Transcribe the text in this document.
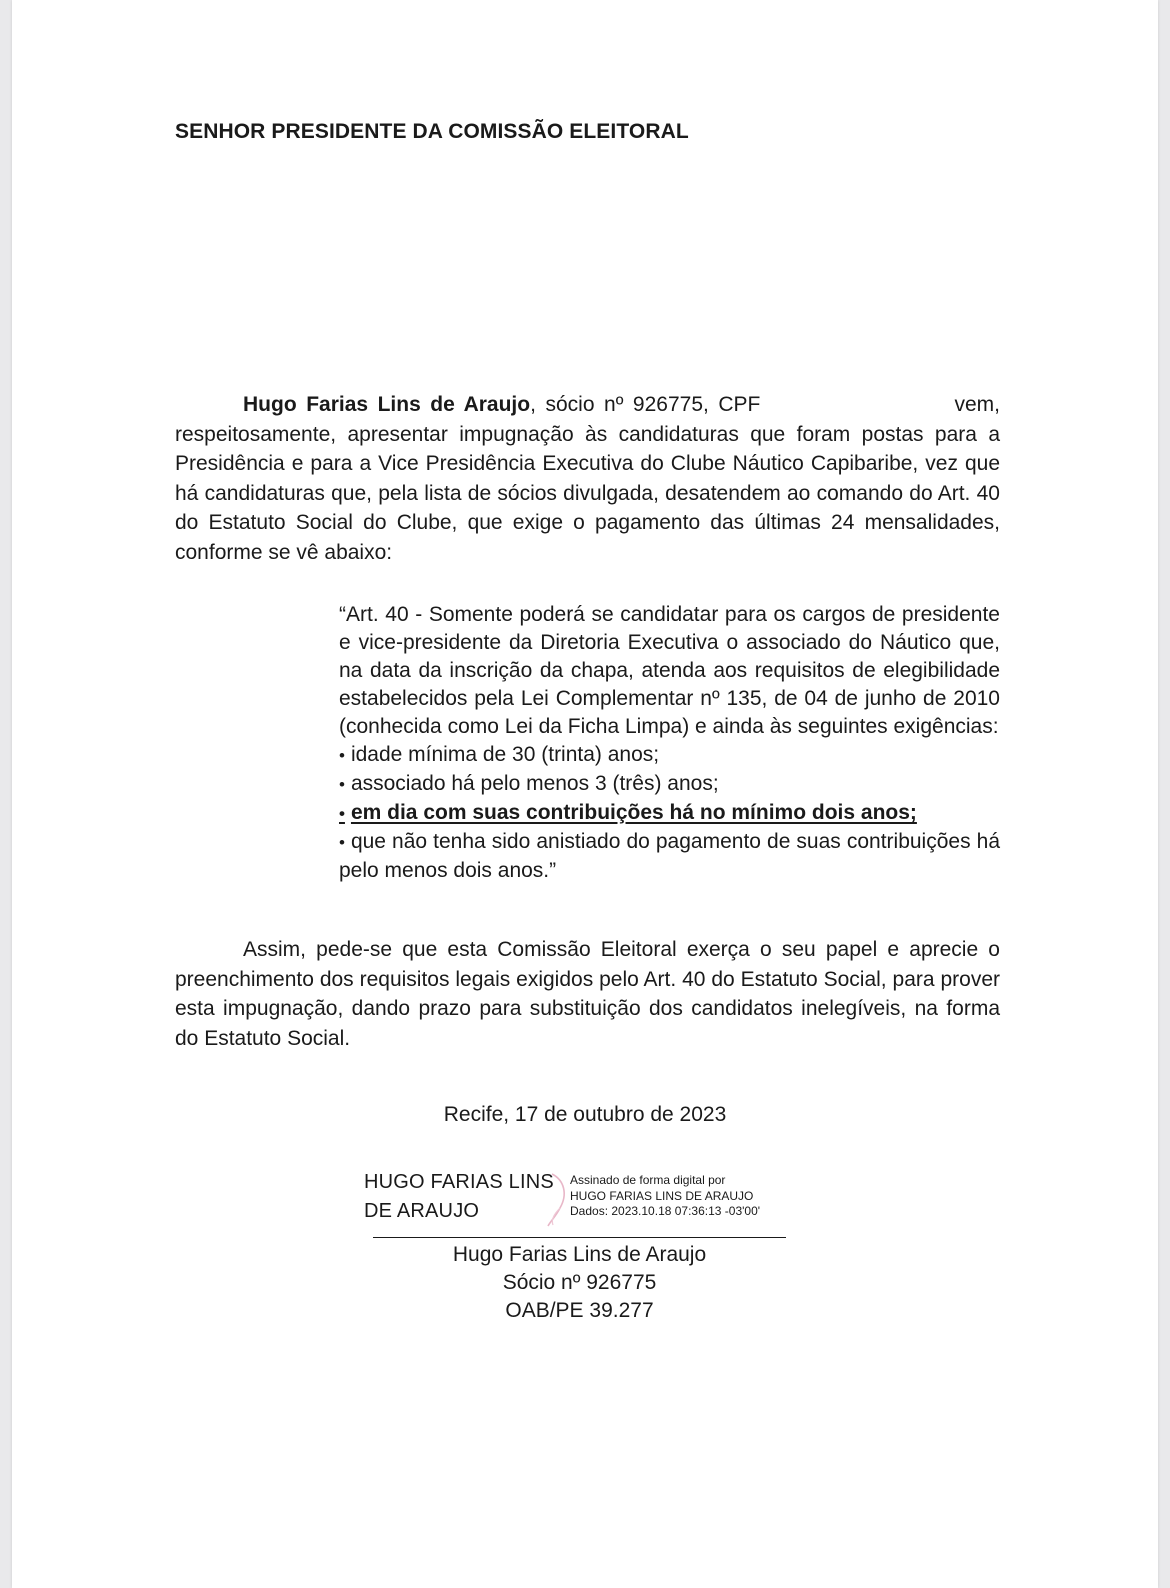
SENHOR PRESIDENTE DA COMISSÃO ELEITORAL
Hugo Farias Lins de Araujo, sócio nº 926775, CPF	vem,
respeitosamente, apresentar impugnação às candidaturas que foram postas para a Presidência e para a Vice Presidência Executiva do Clube Náutico Capibaribe, vez que há candidaturas que, pela lista de sócios divulgada, desatendem ao comando do Art. 40 do Estatuto Social do Clube, que exige o pagamento das últimas 24 mensalidades, conforme se vê abaixo:
“Art. 40 - Somente poderá se candidatar para os cargos de presidente e vice-presidente da Diretoria Executiva o associado do Náutico que, na data da inscrição da chapa, atenda aos requisitos de elegibilidade estabelecidos pela Lei Complementar nº 135, de 04 de junho de 2010 (conhecida como Lei da Ficha Limpa) e ainda às seguintes exigências:
• idade mínima de 30 (trinta) anos;
• associado há pelo menos 3 (três) anos;
• em dia com suas contribuições há no mínimo dois anos;
• que não tenha sido anistiado do pagamento de suas contribuições há pelo menos dois anos.”
Assim, pede-se que esta Comissão Eleitoral exerça o seu papel e aprecie o preenchimento dos requisitos legais exigidos pelo Art. 40 do Estatuto Social, para prover esta impugnação, dando prazo para substituição dos candidatos inelegíveis, na forma do Estatuto Social.
Recife, 17 de outubro de 2023
HUGO FARIAS LINS
DE ARAUJO
Assinado de forma digital por
HUGO FARIAS LINS DE ARAUJO
Dados: 2023.10.18 07:36:13 -03'00'
Hugo Farias Lins de Araujo
Sócio nº 926775
OAB/PE 39.277
